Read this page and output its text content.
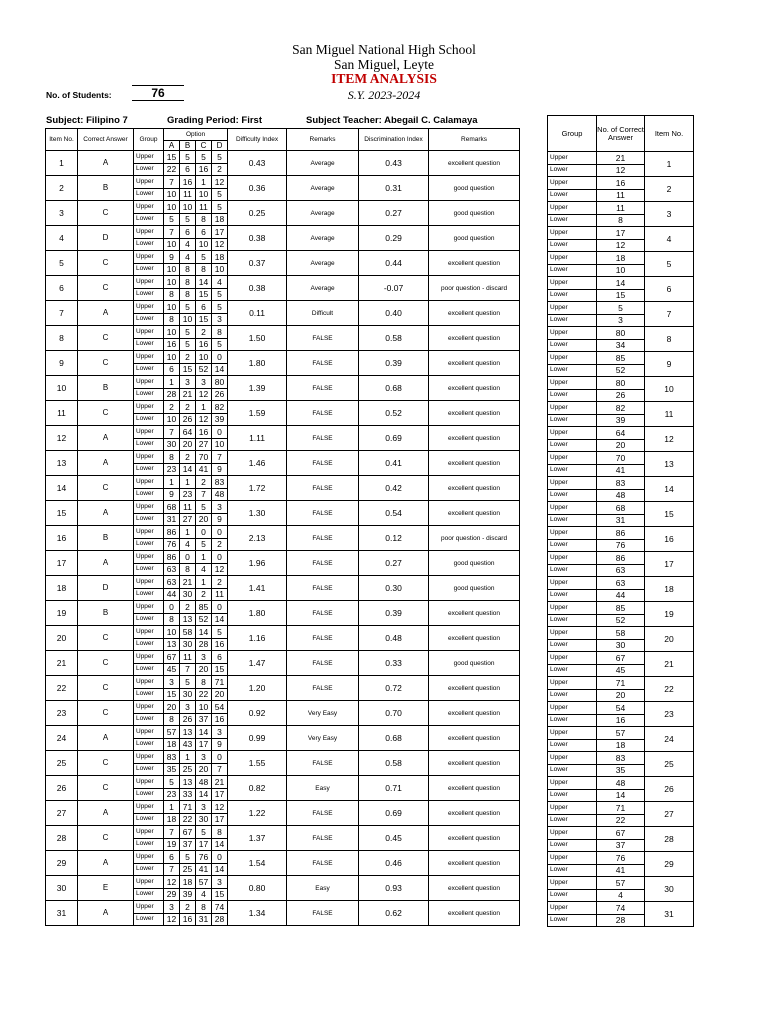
San Miguel National High School
San Miguel, Leyte
ITEM ANALYSIS
S.Y. 2023-2024
No. of Students:	76
Subject: Filipino 7	Grading Period: First	Subject Teacher: Abegail C. Calamaya
Item No.	Correct Answer	Group	Option				Difficulty Index	Remarks	Discrimination Index	Remarks
			A	B	C	D				
1	A	Upper	15	5	5	5	0.43	Average	0.43	excellent question
		Lower	22	6	16	2				
2	B	Upper	7	16	1	12	0.36	Average	0.31	good question
		Lower	10	11	10	5				
3	C	Upper	10	10	11	5	0.25	Average	0.27	good question
		Lower	5	5	8	18				
4	D	Upper	7	6	6	17	0.38	Average	0.29	good question
		Lower	10	4	10	12				
5	C	Upper	9	4	5	18	0.37	Average	0.44	excellent question
		Lower	10	8	8	10				
6	C	Upper	10	8	14	4	0.38	Average	-0.07	poor question - discard
		Lower	8	8	15	5				
7	A	Upper	10	5	6	5	0.11	Difficult	0.40	excellent question
		Lower	8	10	15	3				
8	C	Upper	10	5	2	8	1.50	FALSE	0.58	excellent question
		Lower	16	5	16	5				
9	C	Upper	10	2	10	0	1.80	FALSE	0.39	excellent question
		Lower	6	15	52	14				
10	B	Upper	1	3	3	80	1.39	FALSE	0.68	excellent question
		Lower	28	21	12	26				
11	C	Upper	2	2	1	82	1.59	FALSE	0.52	excellent question
		Lower	10	26	12	39				
12	A	Upper	7	64	16	0	1.11	FALSE	0.69	excellent question
		Lower	30	20	27	10				
13	A	Upper	8	2	70	7	1.46	FALSE	0.41	excellent question
		Lower	23	14	41	9				
14	C	Upper	1	1	2	83	1.72	FALSE	0.42	excellent question
		Lower	9	23	7	48				
15	A	Upper	68	11	5	3	1.30	FALSE	0.54	excellent question
		Lower	31	27	20	9				
16	B	Upper	86	1	0	0	2.13	FALSE	0.12	poor question - discard
		Lower	76	4	5	2				
17	A	Upper	86	0	1	0	1.96	FALSE	0.27	good question
		Lower	63	8	4	12				
18	D	Upper	63	21	1	2	1.41	FALSE	0.30	good question
		Lower	44	30	2	11				
19	B	Upper	0	2	85	0	1.80	FALSE	0.39	excellent question
		Lower	8	13	52	14				
20	C	Upper	10	58	14	5	1.16	FALSE	0.48	excellent question
		Lower	13	30	28	16				
21	C	Upper	67	11	3	6	1.47	FALSE	0.33	good question
		Lower	45	7	20	15				
22	C	Upper	3	5	8	71	1.20	FALSE	0.72	excellent question
		Lower	15	30	22	20				
23	C	Upper	20	3	10	54	0.92	Very Easy	0.70	excellent question
		Lower	8	26	37	16				
24	A	Upper	57	13	14	3	0.99	Very Easy	0.68	excellent question
		Lower	18	43	17	9				
25	C	Upper	83	1	3	0	1.55	FALSE	0.58	excellent question
		Lower	35	25	20	7				
26	C	Upper	5	13	48	21	0.82	Easy	0.71	excellent question
		Lower	23	33	14	17				
27	A	Upper	1	71	3	12	1.22	FALSE	0.69	excellent question
		Lower	18	22	30	17				
28	C	Upper	7	67	5	8	1.37	FALSE	0.45	excellent question
		Lower	19	37	17	14				
29	A	Upper	6	5	76	0	1.54	FALSE	0.46	excellent question
		Lower	7	25	41	14				
30	E	Upper	12	18	57	3	0.80	Easy	0.93	excellent question
		Lower	29	39	4	15				
31	A	Upper	3	2	8	74	1.34	FALSE	0.62	excellent question
		Lower	12	16	31	28				
Group	No. of Correct Answer	Item No.
Upper	21	1
Lower	12	
Upper	16	2
Lower	11	
Upper	11	3
Lower	8	
Upper	17	4
Lower	12	
Upper	18	5
Lower	10	
Upper	14	6
Lower	15	
Upper	5	7
Lower	3	
Upper	80	8
Lower	34	
Upper	85	9
Lower	52	
Upper	80	10
Lower	26	
Upper	82	11
Lower	39	
Upper	64	12
Lower	20	
Upper	70	13
Lower	41	
Upper	83	14
Lower	48	
Upper	68	15
Lower	31	
Upper	86	16
Lower	76	
Upper	86	17
Lower	63	
Upper	63	18
Lower	44	
Upper	85	19
Lower	52	
Upper	58	20
Lower	30	
Upper	67	21
Lower	45	
Upper	71	22
Lower	20	
Upper	54	23
Lower	16	
Upper	57	24
Lower	18	
Upper	83	25
Lower	35	
Upper	48	26
Lower	14	
Upper	71	27
Lower	22	
Upper	67	28
Lower	37	
Upper	76	29
Lower	41	
Upper	57	30
Lower	4	
Upper	74	31
Lower	28	
